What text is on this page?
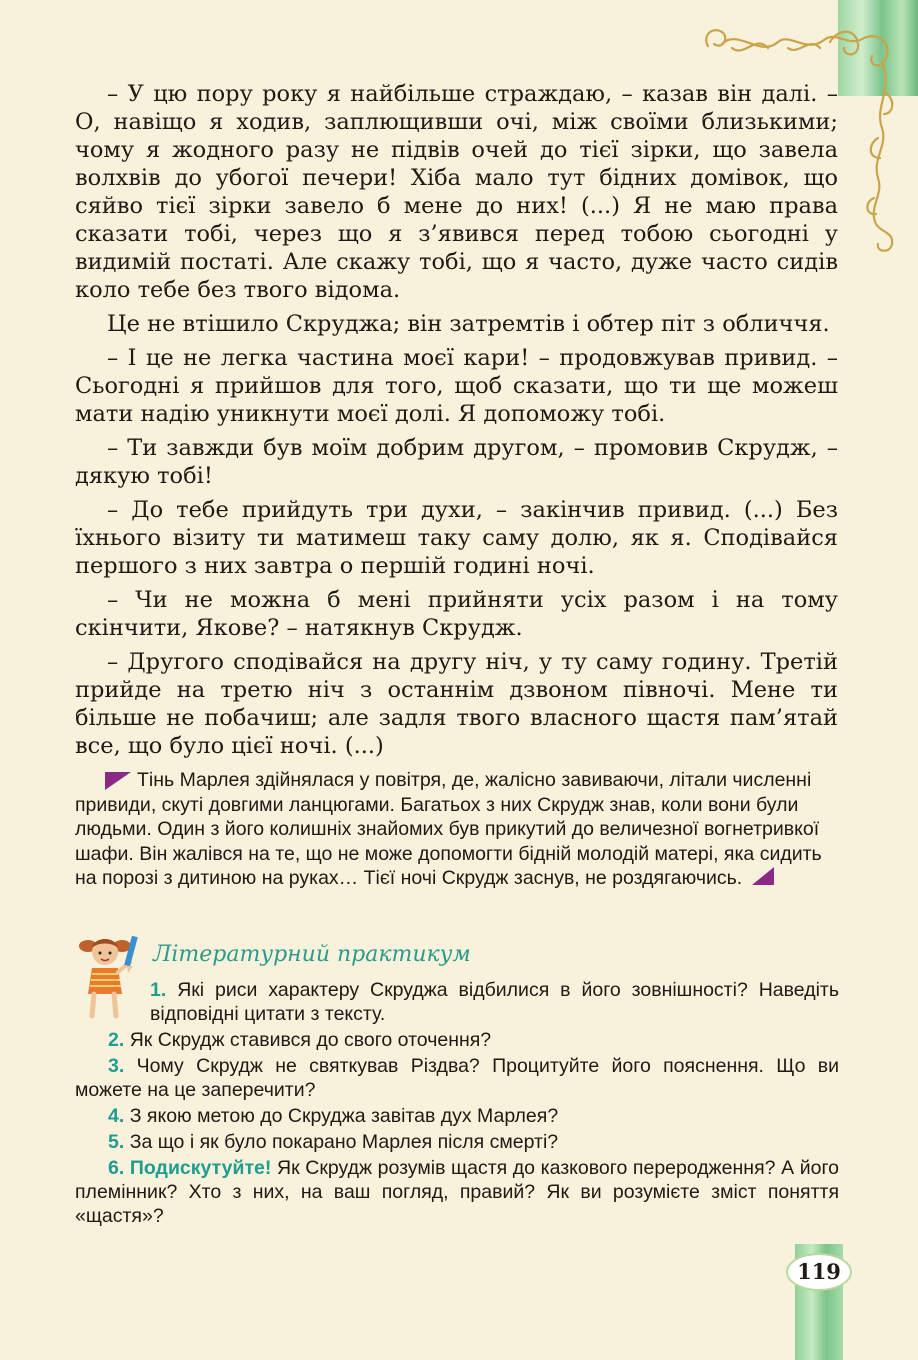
– У цю пору року я найбільше страждаю, – казав він далі. – О, навіщо я ходив, заплющивши очі, між своїми близькими; чому я жодного разу не підвів очей до тієї зірки, що завела волхвів до убогої печери! Хіба мало тут бідних домівок, що сяйво тієї зірки завело б мене до них! (...) Я не маю права сказати тобі, через що я з’явився перед тобою сьогодні у видимій постаті. Але скажу тобі, що я часто, дуже часто сидів коло тебе без твого відома.

Це не втішило Скруджа; він затремтів і обтер піт з обличчя.

– І це не легка частина моєї кари! – продовжував привид. – Сьогодні я прийшов для того, щоб сказати, що ти ще можеш мати надію уникнути моєї долі. Я допоможу тобі.

– Ти завжди був моїм добрим другом, – промовив Скрудж, – дякую тобі!

– До тебе прийдуть три духи, – закінчив привид. (...) Без їхнього візиту ти матимеш таку саму долю, як я. Сподівайся першого з них завтра о першій годині ночі.

– Чи не можна б мені прийняти усіх разом і на тому скінчити, Якове? – натякнув Скрудж.

– Другого сподівайся на другу ніч, у ту саму годину. Третій прийде на третю ніч з останнім дзвоном півночі. Мене ти більше не побачиш; але задля твого власного щастя пам’ятай все, що було цієї ночі. (...)

Тінь Марлея здійнялася у повітря, де, жалісно завиваючи, літали численні привиди, скуті довгими ланцюгами. Багатьох з них Скрудж знав, коли вони були людьми. Один з його колишніх знайомих був прикутий до величезної вогнетривкої шафи. Він жалівся на те, що не може допомогти бідній молодій матері, яка сидить на порозі з дитиною на руках… Тієї ночі Скрудж заснув, не роздягаючись.

Літературний практикум

1. Які риси характеру Скруджа відбилися в його зовнішності? Наведіть відповідні цитати з тексту.

2. Як Скрудж ставився до свого оточення?

3. Чому Скрудж не святкував Різдва? Процитуйте його пояснення. Що ви можете на це заперечити?

4. З якою метою до Скруджа завітав дух Марлея?

5. За що і як було покарано Марлея після смерті?

6. Подискутуйте! Як Скрудж розумів щастя до казкового переродження? А його племінник? Хто з них, на ваш погляд, правий? Як ви розумієте зміст поняття «щастя»?

119
